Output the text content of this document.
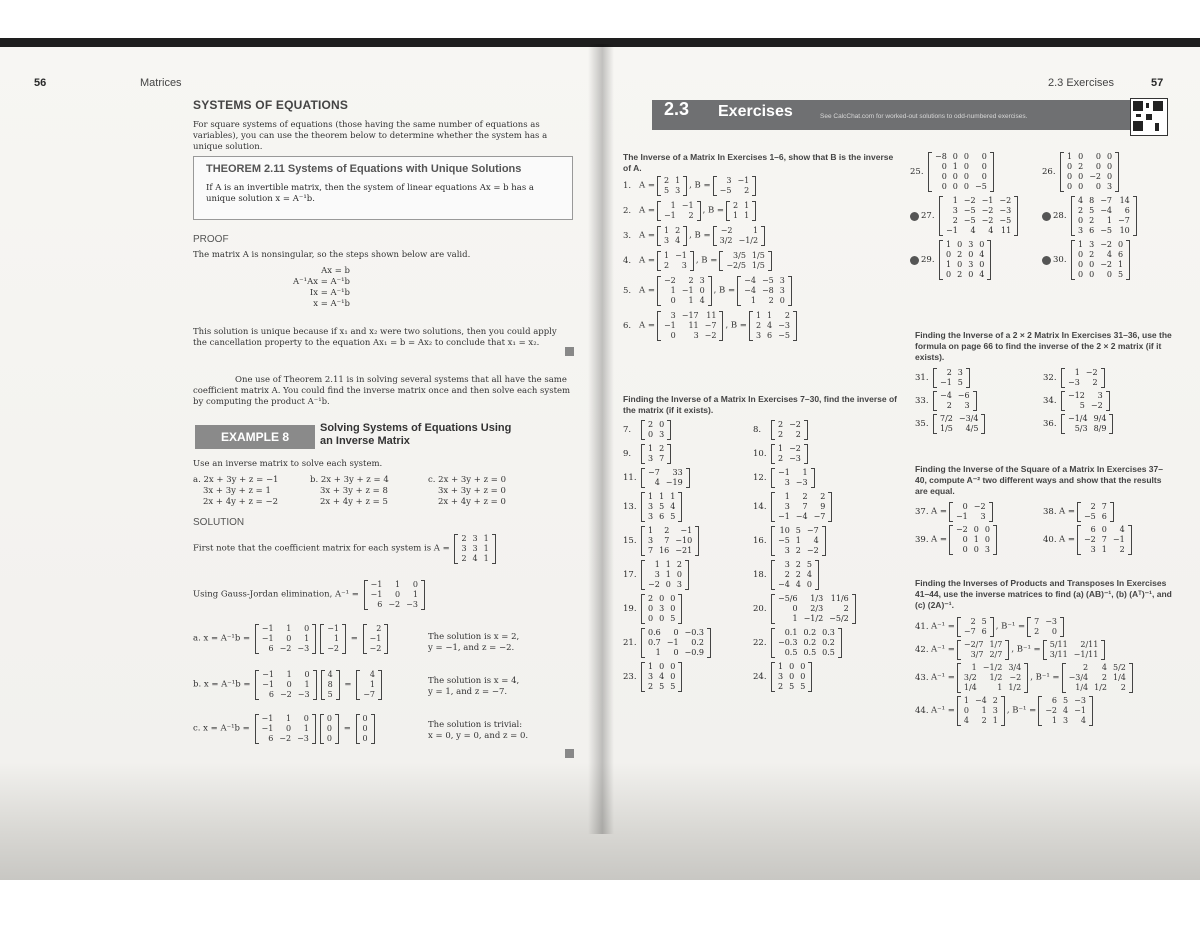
56	Matrices
SYSTEMS OF EQUATIONS
For square systems of equations (those having the same number of equations as variables), you can use the theorem below to determine whether the system has a unique solution.
THEOREM 2.11 Systems of Equations with Unique Solutions
If A is an invertible matrix, then the system of linear equations Ax = b has a unique solution x = A⁻¹b.
PROOF
The matrix A is nonsingular, so the steps shown below are valid.
Ax = b
A⁻¹Ax = A⁻¹b
Ix = A⁻¹b
x = A⁻¹b
This solution is unique because if x₁ and x₂ were two solutions, then you could apply the cancellation property to the equation Ax₁ = b = Ax₂ to conclude that x₁ = x₂.
One use of Theorem 2.11 is in solving several systems that all have the same coefficient matrix A. You could find the inverse matrix once and then solve each system by computing the product A⁻¹b.
EXAMPLE 8
Solving Systems of Equations Using an Inverse Matrix
Use an inverse matrix to solve each system.
a. 2x + 3y + z = −1
3x + 3y + z = 1
2x + 4y + z = −2
b. 2x + 3y + z = 4
3x + 3y + z = 8
2x + 4y + z = 5
c. 2x + 3y + z = 0
3x + 3y + z = 0
2x + 4y + z = 0
SOLUTION
First note that the coefficient matrix for each system is A =
2	3	1
3	3	1
2	4	1
Using Gauss-Jordan elimination, A⁻¹ =
−1	1	0
−1	0	1
6	−2	−3
a. x = A⁻¹b =
−1	1	0
−1	0	1
6	−2	−3
−1
1
−2
=
2
−1
−2
The solution is x = 2,
y = −1, and z = −2.
b. x = A⁻¹b =
−1	1	0
−1	0	1
6	−2	−3
4
8
5
=
4
1
−7
The solution is x = 4,
y = 1, and z = −7.
c. x = A⁻¹b =
−1	1	0
−1	0	1
6	−2	−3
0
0
0
=
0
0
0
The solution is trivial:
x = 0, y = 0, and z = 0.
2.3 Exercises	57
2.3 Exercises	See CalcChat.com for worked-out solutions to odd-numbered exercises.
The Inverse of a Matrix In Exercises 1–6, show that B is the inverse of A.
1. A = 2	1
5	3 , B = 3	−1
−5	2
2. A = 1	−1
−1	2 , B = 2	1
1	1
3. A = 1	2
3	4 , B = −2	1
3/2	−1/2
4. A = 1	−1
2	3 , B = 3/5	1/5
−2/5	1/5
5. A =
−2	2	3
1	−1	0
0	1	4
, B =
−4	−5	3
−4	−8	3
1	2	0
6. A =
3	−17	11
−1	11	−7
0	3	−2
, B =
1	1	2
2	4	−3
3	6	−5
Finding the Inverse of a Matrix In Exercises 7–30, find the inverse of the matrix (if it exists).
7. 2	0
0	3	8. 2	−2
2	2
9. 1	2
3	7	10. 1	−2
2	−3
11. −7	33
4	−19	12. −1	1
3	−3
13.
1	1	1
3	5	4
3	6	5
14.
1	2	2
3	7	9
−1	−4	−7
15.
1	2	−1
3	7	−10
7	16	−21
16.
10	5	−7
−5	1	4
3	2	−2
17.
1	1	2
3	1	0
−2	0	3
18.
3	2	5
2	2	4
−4	4	0
19.
2	0	0
0	3	0
0	0	5
20.
−5/6	1/3	11/6
0	2/3	2
1	−1/2	−5/2
21.
0.6	0	−0.3
0.7	−1	0.2
1	0	−0.9
22.
0.1	0.2	0.3
−0.3	0.2	0.2
0.5	0.5	0.5
23.
1	0	0
3	4	0
2	5	5
24.
1	0	0
3	0	0
2	5	5
25.
−8	0	0	0
0	1	0	0
0	0	0	0
0	0	0	−5
26.
1	0	0	0
0	2	0	0
0	0	−2	0
0	0	0	3
27.
1	−2	−1	−2
3	−5	−2	−3
2	−5	−2	−5
−1	4	4	11
28.
4	8	−7	14
2	5	−4	6
0	2	1	−7
3	6	−5	10
29.
1	0	3	0
0	2	0	4
1	0	3	0
0	2	0	4
30.
1	3	−2	0
0	2	4	6
0	0	−2	1
0	0	0	5
Finding the Inverse of a 2 × 2 Matrix In Exercises 31–36, use the formula on page 66 to find the inverse of the 2 × 2 matrix (if it exists).
31. 2	3
−1	5	32. 1	−2
−3	2
33. −4	−6
2	3	34. −12	3
5	−2
35. 7/2	−3/4
1/5	4/5	36. −1/4	9/4
5/3	8/9
Finding the Inverse of the Square of a Matrix In Exercises 37–40, compute A⁻² two different ways and show that the results are equal.
37. A = 0	−2
−1	3	38. A = 2	7
−5	6
39. A =
−2	0	0
0	1	0
0	0	3
40. A =
6	0	4
−2	7	−1
3	1	2
Finding the Inverses of Products and Transposes In Exercises 41–44, use the inverse matrices to find (a) (AB)⁻¹, (b) (Aᵀ)⁻¹, and (c) (2A)⁻¹.
41. A⁻¹ = 2	5
−7	6 , B⁻¹ = 7	−3
2	0
42. A⁻¹ = −2/7	1/7
3/7	2/7 , B⁻¹ = 5/11	2/11
3/11	−1/11
43. A⁻¹ =
1	−1/2	3/4
3/2	1/2	−2
1/4	1	1/2
, B⁻¹ =
2	4	5/2
−3/4	2	1/4
1/4	1/2	2
44. A⁻¹ =
1	−4	2
0	1	3
4	2	1
, B⁻¹ =
6	5	−3
−2	4	−1
1	3	4
